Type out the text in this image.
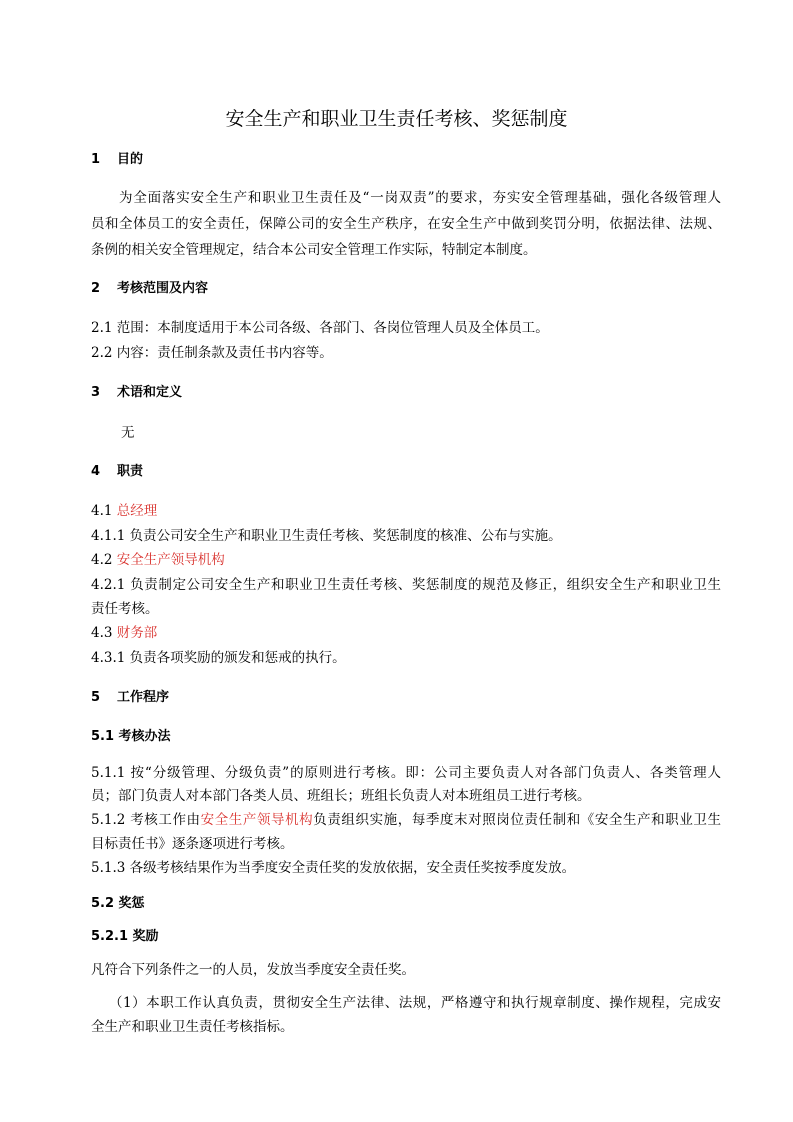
安全生产和职业卫生责任考核、奖惩制度
1 目的

为全面落实安全生产和职业卫生责任及“一岗双责”的要求，夯实安全管理基础，强化各级管理人

员和全体员工的安全责任，保障公司的安全生产秩序，在安全生产中做到奖罚分明，依据法律、法规、

条例的相关安全管理规定，结合本公司安全管理工作实际，特制定本制度。

2 考核范围及内容

2.1 范围：本制度适用于本公司各级、各部门、各岗位管理人员及全体员工。

2.2 内容：责任制条款及责任书内容等。

3 术语和定义

无

4 职责

4.1 总经理

4.1.1 负责公司安全生产和职业卫生责任考核、奖惩制度的核准、公布与实施。

4.2 安全生产领导机构

4.2.1 负责制定公司安全生产和职业卫生责任考核、奖惩制度的规范及修正，组织安全生产和职业卫生

责任考核。

4.3 财务部

4.3.1 负责各项奖励的颁发和惩戒的执行。

5 工作程序
5.1 考核办法

5.1.1 按“分级管理、分级负责”的原则进行考核。即：公司主要负责人对各部门负责人、各类管理人

员；部门负责人对本部门各类人员、班组长；班组长负责人对本班组员工进行考核。

5.1.2 考核工作由安全生产领导机构负责组织实施，每季度末对照岗位责任制和《安全生产和职业卫生

目标责任书》逐条逐项进行考核。

5.1.3 各级考核结果作为当季度安全责任奖的发放依据，安全责任奖按季度发放。

5.2 奖惩
5.2.1 奖励

凡符合下列条件之一的人员，发放当季度安全责任奖。

（1）本职工作认真负责，贯彻安全生产法律、法规，严格遵守和执行规章制度、操作规程，完成安

全生产和职业卫生责任考核指标。
